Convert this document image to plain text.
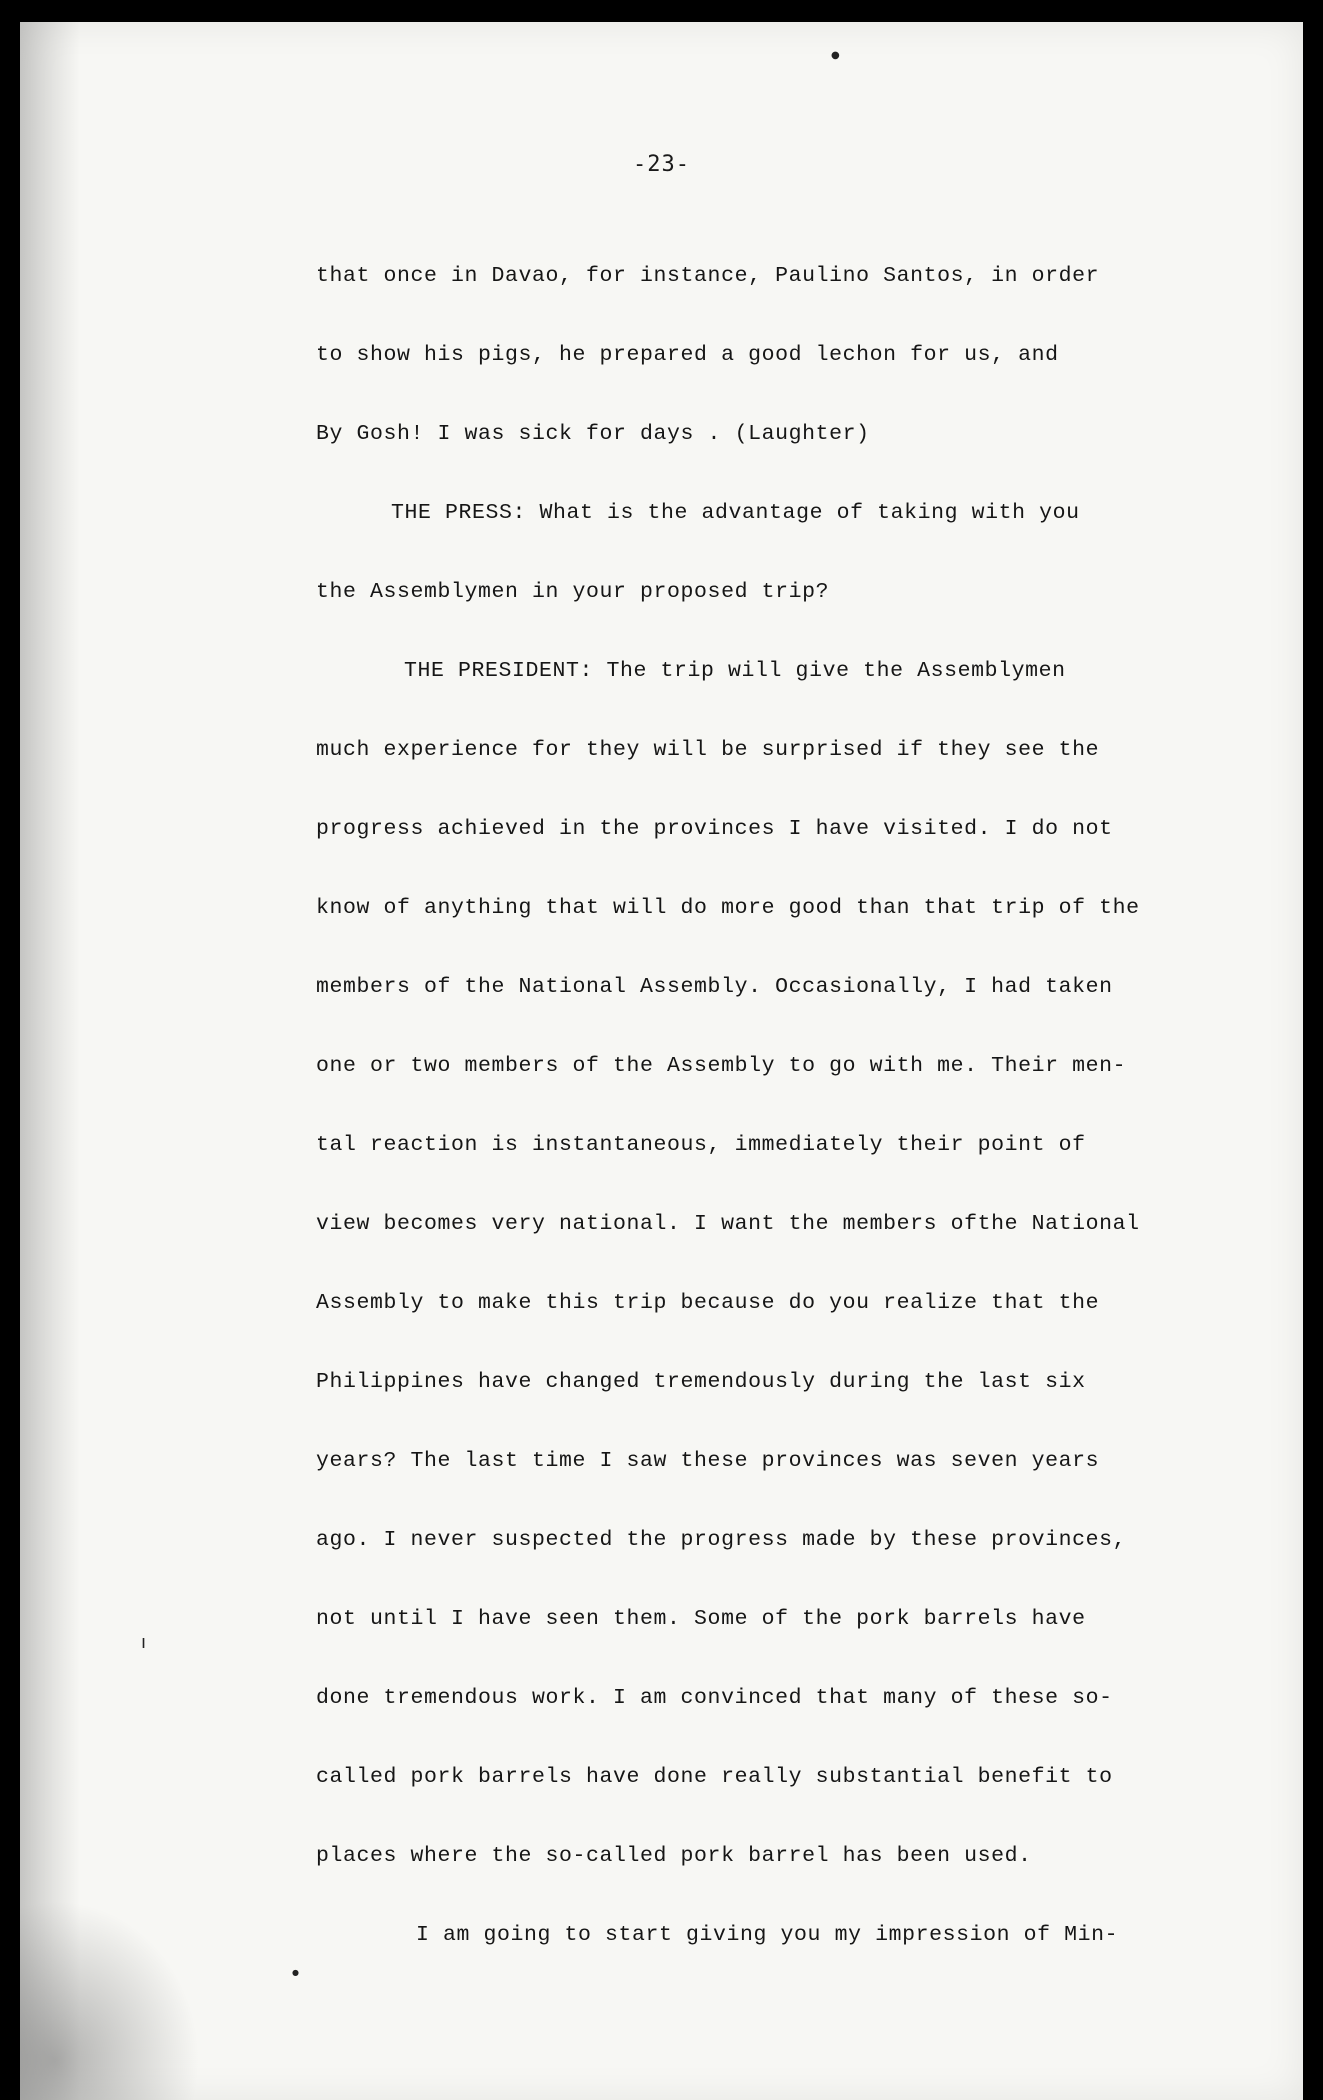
-23-
that once in Davao, for instance, Paulino Santos, in order
to show his pigs, he prepared a good lechon for us, and
By Gosh! I was sick for days . (Laughter)
THE PRESS: What is the advantage of taking with you
the Assemblymen in your proposed trip?
THE PRESIDENT: The trip will give the Assemblymen
much experience for they will be surprised if they see the
progress achieved in the provinces I have visited. I do not
know of anything that will do more good than that trip of the
members of the National Assembly. Occasionally, I had taken
one or two members of the Assembly to go with me. Their men-
tal reaction is instantaneous, immediately their point of
view becomes very national. I want the members ofthe National
Assembly to make this trip because do you realize that the
Philippines have changed tremendously during the last six
years? The last time I saw these provinces was seven years
ago. I never suspected the progress made by these provinces,
not until I have seen them. Some of the pork barrels have
done tremendous work. I am convinced that many of these so-
called pork barrels have done really substantial benefit to
places where the so-called pork barrel has been used.
I am going to start giving you my impression of Min-
●
ı
●
